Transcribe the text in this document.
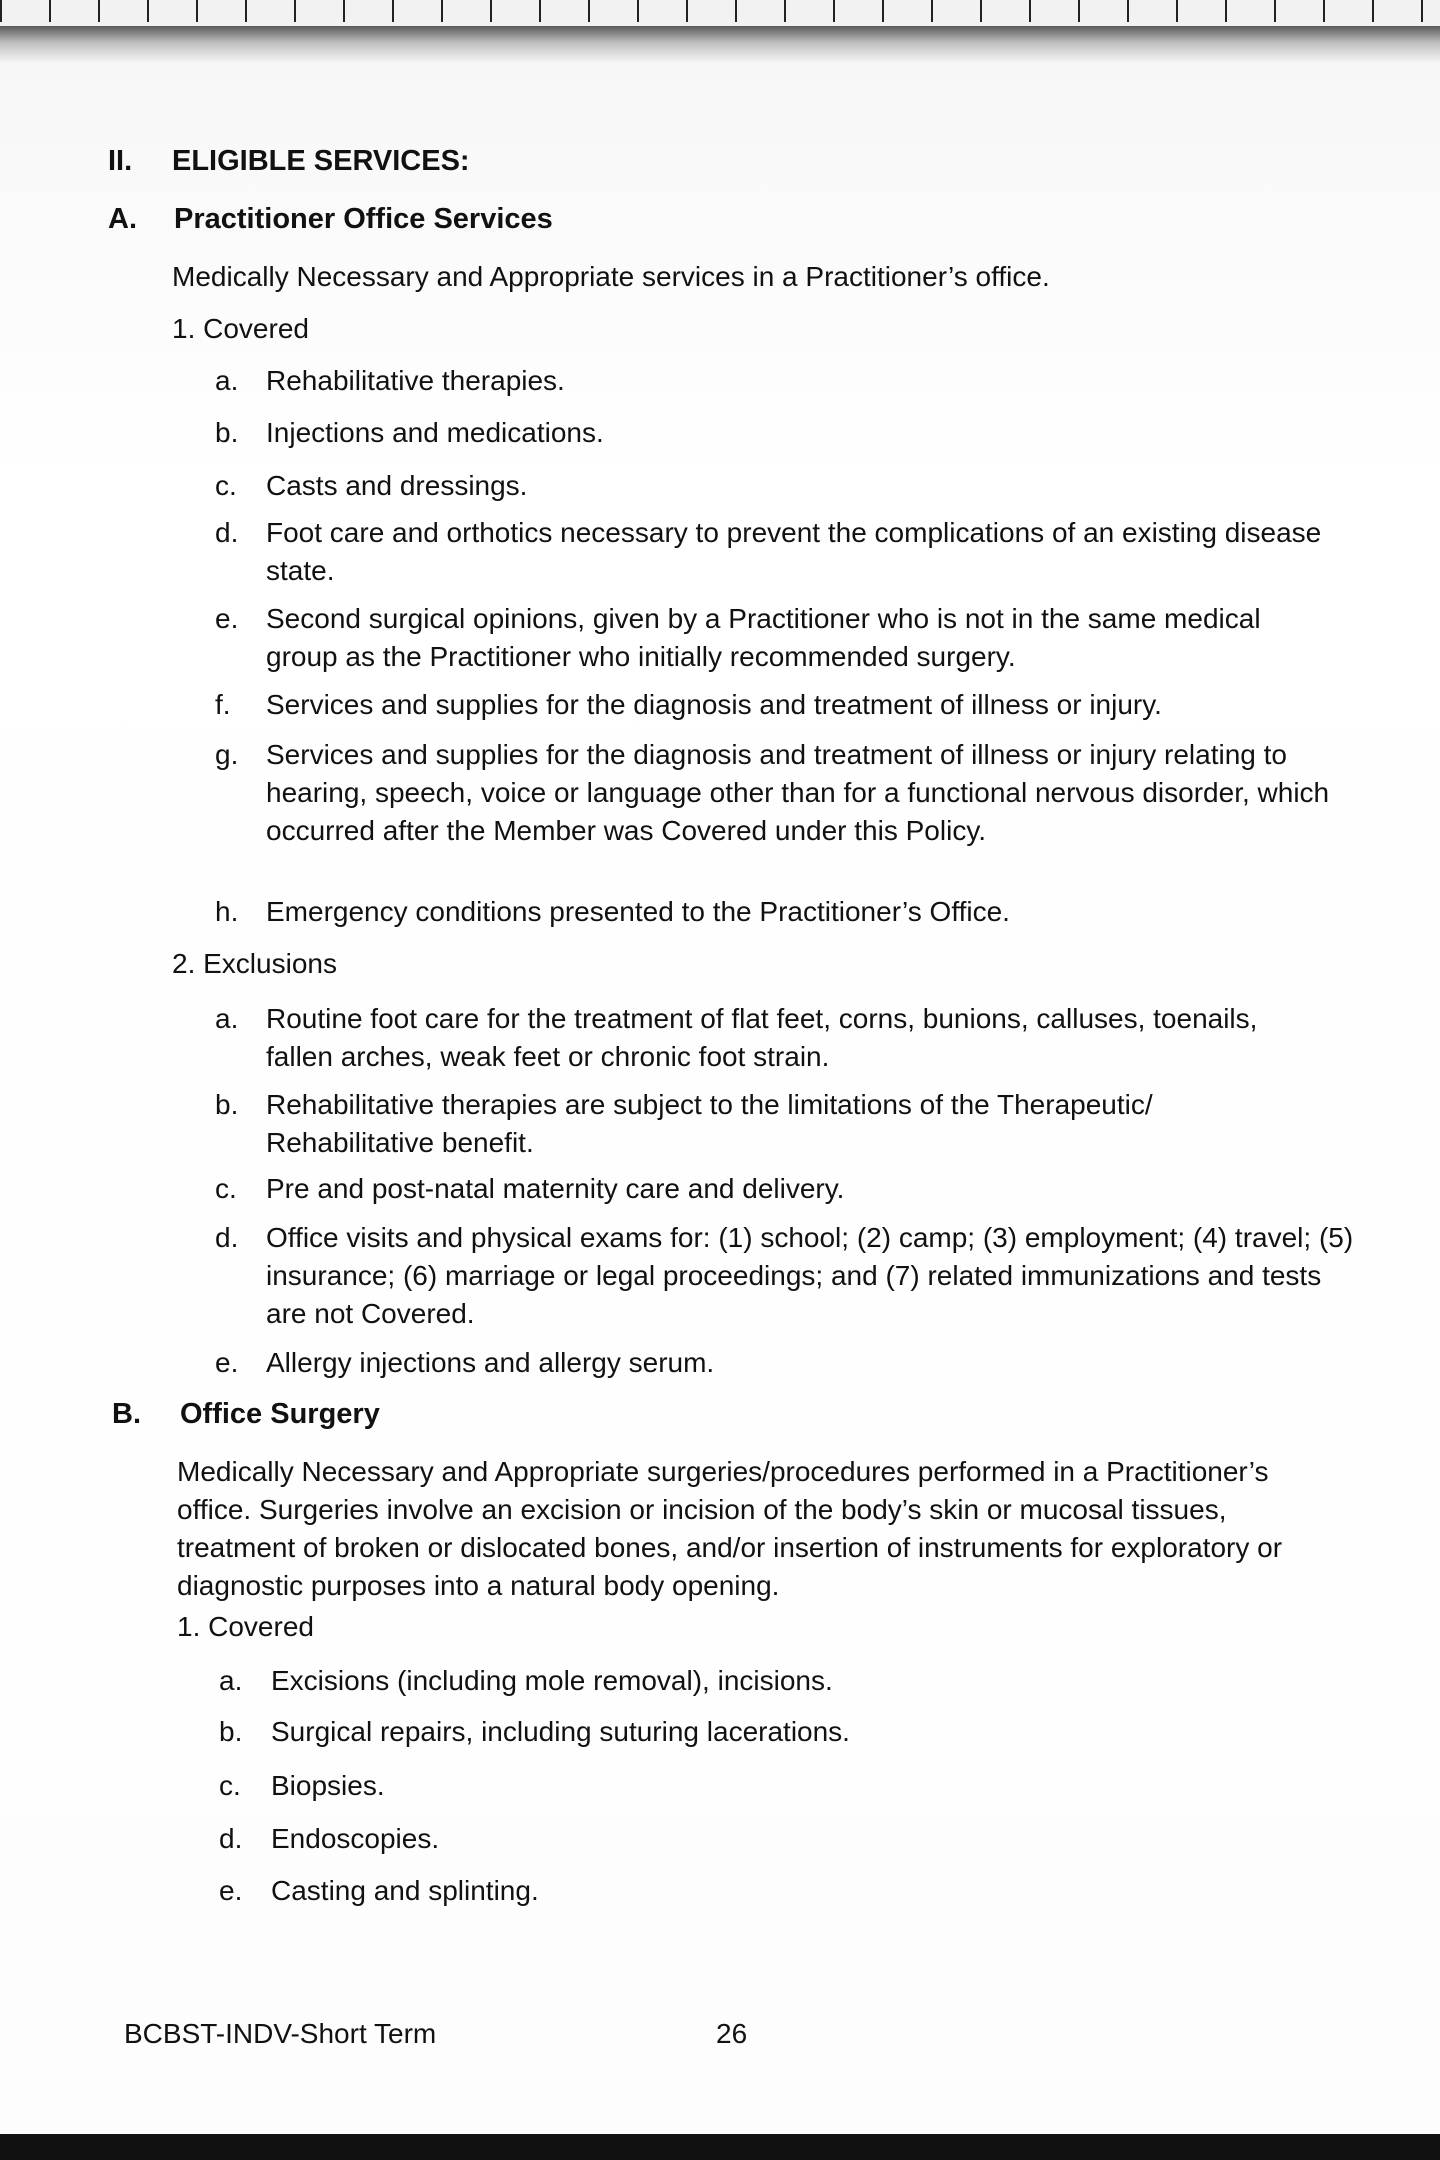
II. ELIGIBLE SERVICES:
A. Practitioner Office Services
Medically Necessary and Appropriate services in a Practitioner’s office.
1. Covered
a. Rehabilitative therapies.
b. Injections and medications.
c. Casts and dressings.
d. Foot care and orthotics necessary to prevent the complications of an existing disease state.
e. Second surgical opinions, given by a Practitioner who is not in the same medical group as the Practitioner who initially recommended surgery.
f. Services and supplies for the diagnosis and treatment of illness or injury.
g. Services and supplies for the diagnosis and treatment of illness or injury relating to hearing, speech, voice or language other than for a functional nervous disorder, which occurred after the Member was Covered under this Policy.
h. Emergency conditions presented to the Practitioner’s Office.
2. Exclusions
a. Routine foot care for the treatment of flat feet, corns, bunions, calluses, toenails, fallen arches, weak feet or chronic foot strain.
b. Rehabilitative therapies are subject to the limitations of the Therapeutic/ Rehabilitative benefit.
c. Pre and post-natal maternity care and delivery.
d. Office visits and physical exams for: (1) school; (2) camp; (3) employment; (4) travel; (5) insurance; (6) marriage or legal proceedings; and (7) related immunizations and tests are not Covered.
e. Allergy injections and allergy serum.
B. Office Surgery
Medically Necessary and Appropriate surgeries/procedures performed in a Practitioner’s office. Surgeries involve an excision or incision of the body’s skin or mucosal tissues, treatment of broken or dislocated bones, and/or insertion of instruments for exploratory or diagnostic purposes into a natural body opening.
1. Covered
a. Excisions (including mole removal), incisions.
b. Surgical repairs, including suturing lacerations.
c. Biopsies.
d. Endoscopies.
e. Casting and splinting.
BCBST-INDV-Short Term	26
